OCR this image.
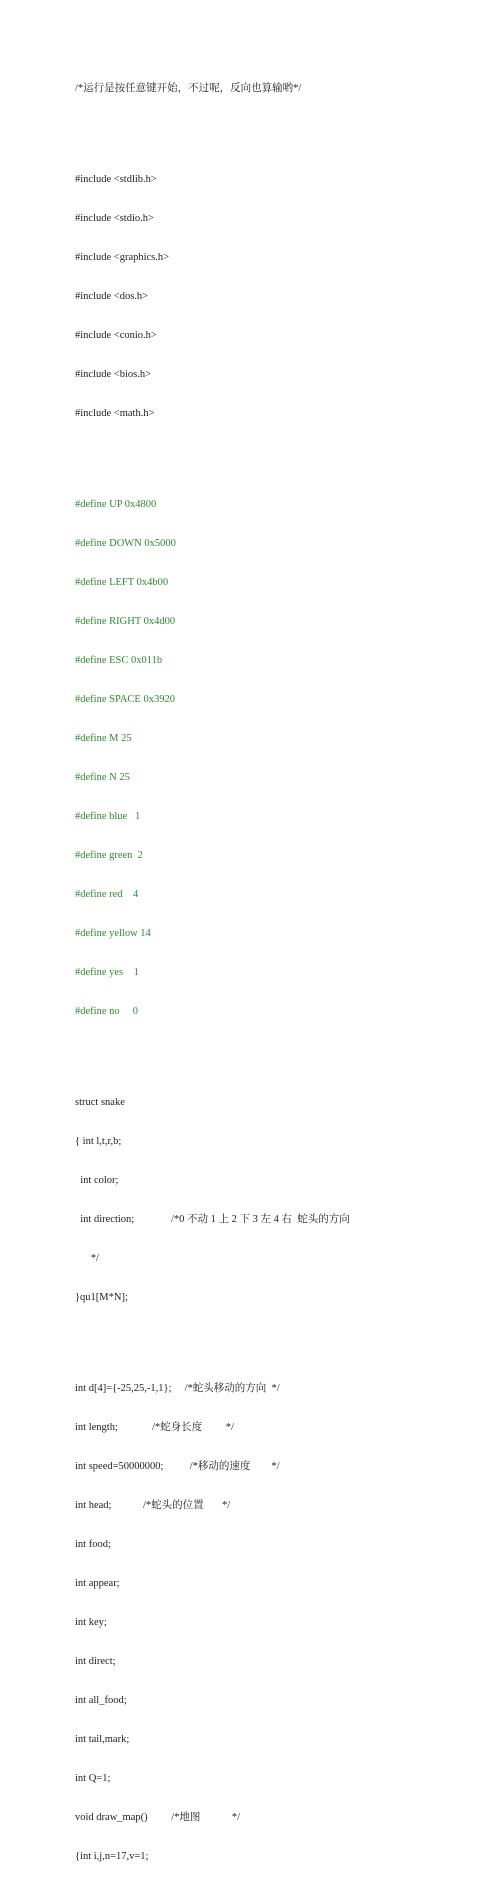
/*运行是按任意键开始，不过呢，反向也算输哟*/

#include <stdlib.h>

#include <stdio.h>

#include <graphics.h>

#include <dos.h>

#include <conio.h>

#include <bios.h>

#include <math.h>

#define UP 0x4800

#define DOWN 0x5000

#define LEFT 0x4b00

#define RIGHT 0x4d00

#define ESC 0x011b

#define SPACE 0x3920

#define M 25

#define N 25

#define blue   1

#define green  2

#define red    4

#define yellow 14

#define yes    1

#define no     0

struct snake

{ int l,t,r,b;

int color;

int direction;              /*0 不动 1 上 2 下 3 左 4 右  蛇头的方向

*/

}qu1[M*N];

int d[4]={-25,25,-1,1};     /*蛇头移动的方向  */

int length;             /*蛇身长度         */

int speed=50000000;          /*移动的速度        */

int head;            /*蛇头的位置       */

int food;

int appear;

int key;

int direct;

int all_food;

int tail,mark;

int Q=1;

void draw_map()         /*地图            */

{int i,j,n=17,v=1;
